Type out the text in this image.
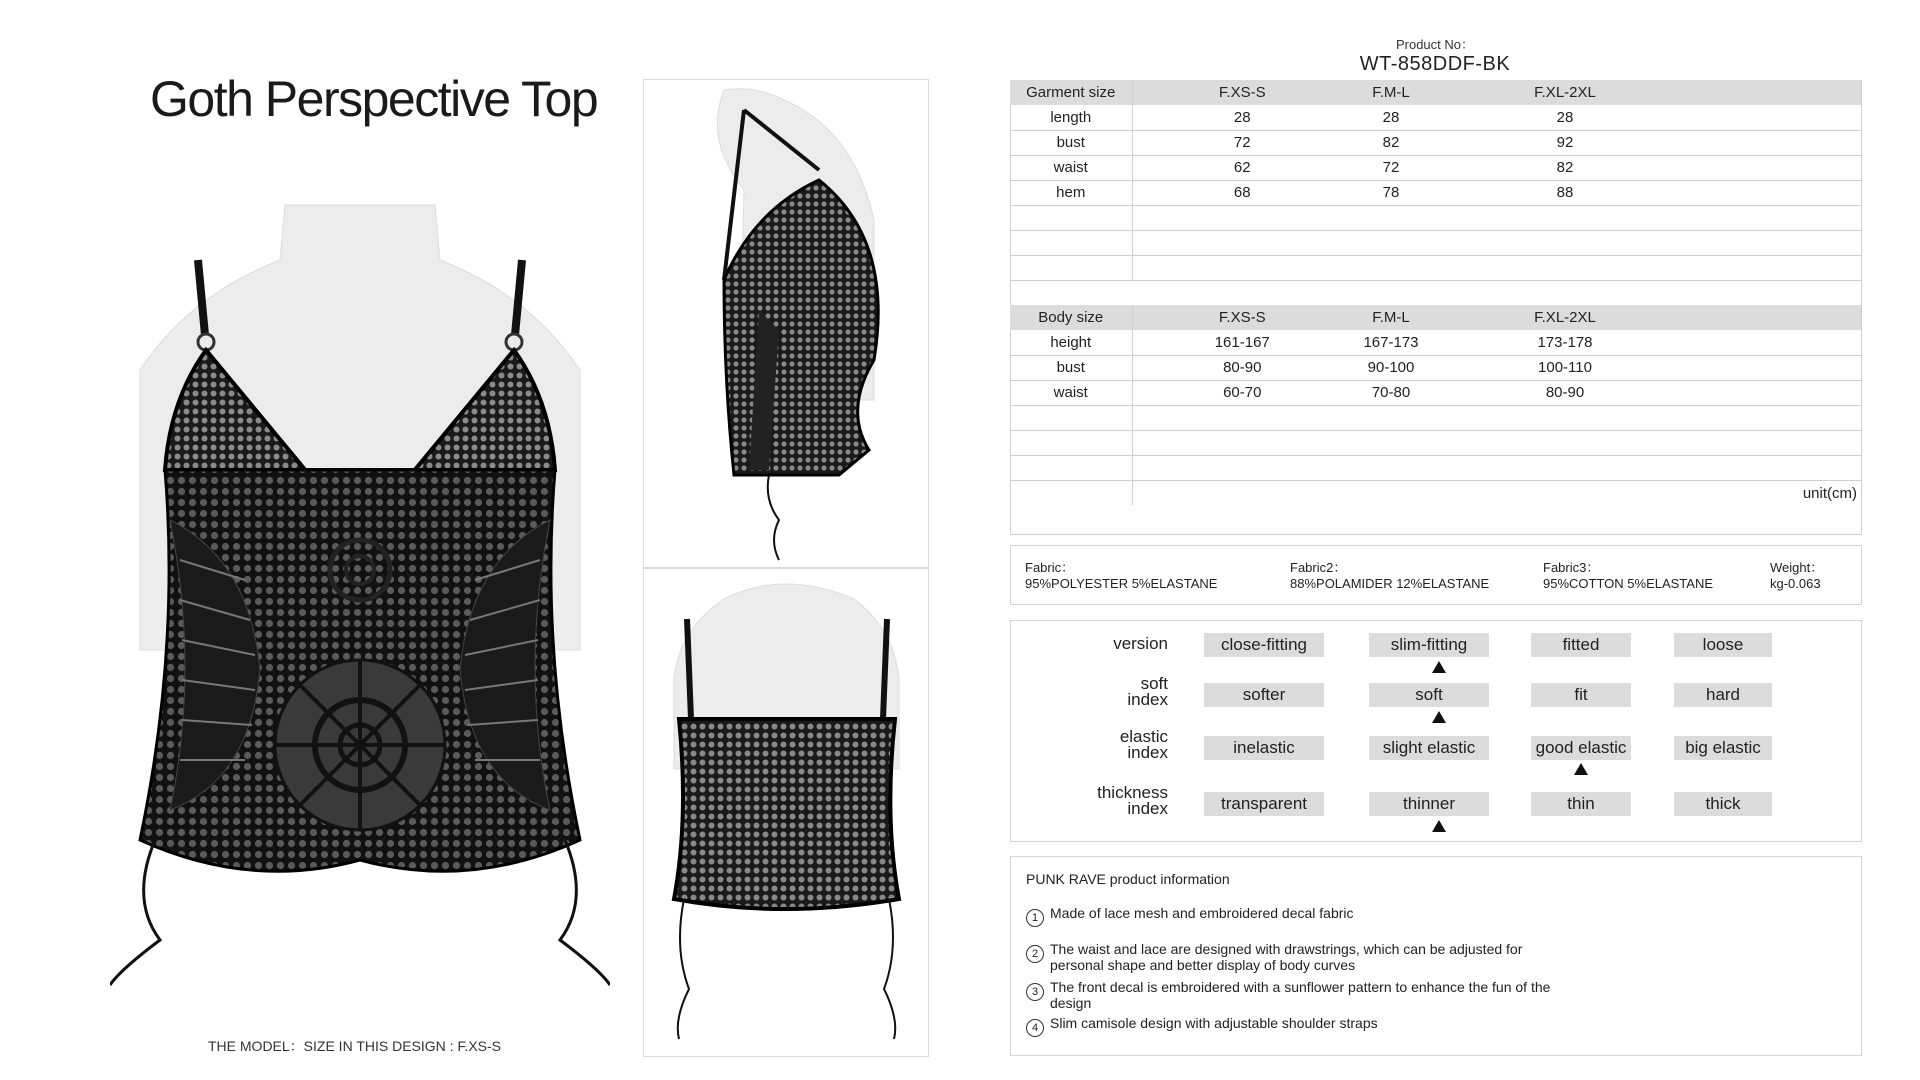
Goth Perspective Top
THE MODEL：SIZE IN THIS DESIGN : F.XS-S
Product No：
WT-858DDF-BK
Garment size	F.XS-S	F.M-L	F.XL-2XL	
length	28	28	28	
bust	72	82	92	
waist	62	72	82	
hem	68	78	88	

Body size	F.XS-S	F.M-L	F.XL-2XL	
height	161-167	167-173	173-178	
bust	80-90	90-100	100-110	
waist	60-70	70-80	80-90	

				unit(cm)
Fabric：
95%POLYESTER 5%ELASTANE
Fabric2：
88%POLAMIDER 12%ELASTANE
Fabric3：
95%COTTON 5%ELASTANE
Weight：
kg-0.063
version	close-fitting	slim-fitting	fitted	loose
soft
index	softer	soft	fit	hard
elastic
index	inelastic	slight elastic	good elastic	big elastic
thickness
index	transparent	thinner	thin	thick
PUNK RAVE product information
1 Made of lace mesh and embroidered decal fabric
2 The waist and lace are designed with drawstrings, which can be adjusted for personal shape and better display of body curves
3 The front decal is embroidered with a sunflower pattern to enhance the fun of the design
4 Slim camisole design with adjustable shoulder straps
